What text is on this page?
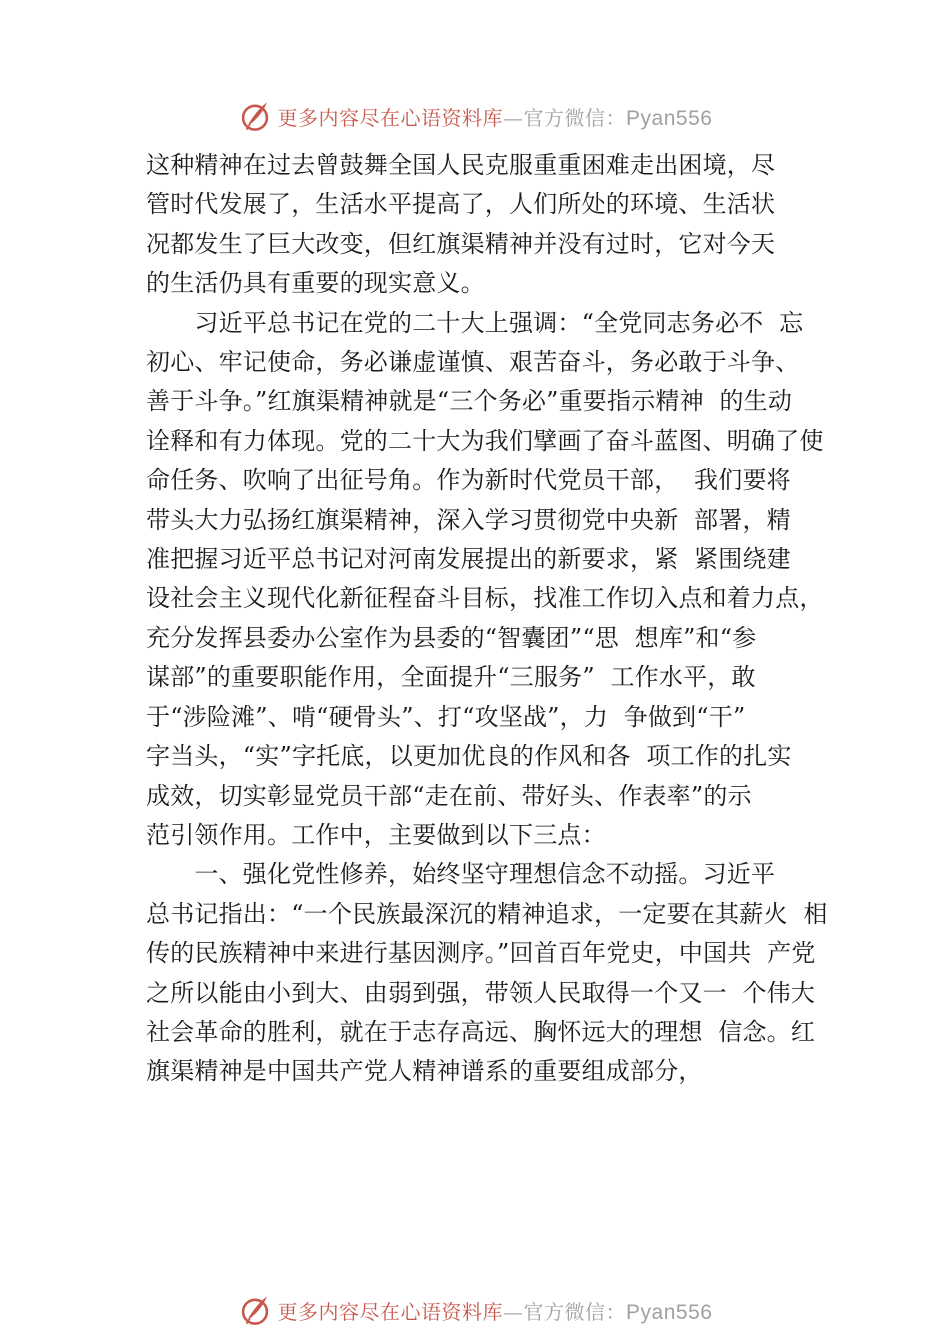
更多内容尽在心语资料库—官方微信：Pyan556

这种精神在过去曾鼓舞全国人民克服重重困难走出困境，尽
管时代发展了，生活水平提高了，人们所处的环境、生活状
况都发生了巨大改变，但红旗渠精神并没有过时，它对今天
的生活仍具有重要的现实意义。
　　习近平总书记在党的二十大上强调：“全党同志务必不  忘
初心、牢记使命，务必谦虚谨慎、艰苦奋斗，务必敢于斗争、
善于斗争。”红旗渠精神就是“三个务必”重要指示精神  的生动
诠释和有力体现。党的二十大为我们擘画了奋斗蓝图、明确了使
命任务、吹响了出征号角。作为新时代党员干部，  我们要将
带头大力弘扬红旗渠精神，深入学习贯彻党中央新  部署，精
准把握习近平总书记对河南发展提出的新要求，紧  紧围绕建
设社会主义现代化新征程奋斗目标，找准工作切入点和着力点，
充分发挥县委办公室作为县委的“智囊团”“思  想库”和“参
谋部”的重要职能作用，全面提升“三服务”  工作水平，敢
于“涉险滩”、啃“硬骨头”、打“攻坚战”，力  争做到“干”
字当头，“实”字托底，以更加优良的作风和各  项工作的扎实
成效，切实彰显党员干部“走在前、带好头、作表率”的示
范引领作用。工作中，主要做到以下三点：
　　一、强化党性修养，始终坚守理想信念不动摇。习近平
总书记指出：“一个民族最深沉的精神追求，一定要在其薪火  相
传的民族精神中来进行基因测序。”回首百年党史，中国共  产党
之所以能由小到大、由弱到强，带领人民取得一个又一  个伟大
社会革命的胜利，就在于志存高远、胸怀远大的理想  信念。红
旗渠精神是中国共产党人精神谱系的重要组成部分，

更多内容尽在心语资料库—官方微信：Pyan556
